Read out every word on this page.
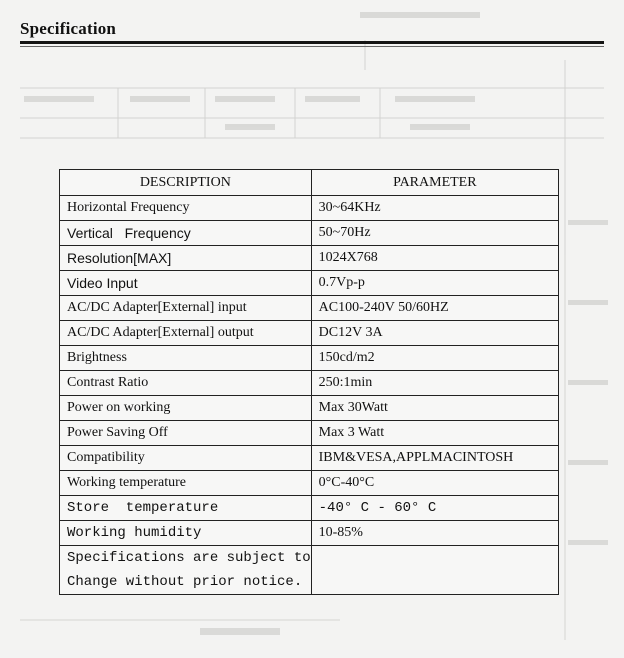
Specification
DESCRIPTION	PARAMETER
Horizontal Frequency	30~64KHz
Vertical   Frequency	50~70Hz
Resolution[MAX]	1024X768
Video Input	0.7Vp-p
AC/DC Adapter[External] input	AC100-240V 50/60HZ
AC/DC Adapter[External] output	DC12V 3A
Brightness	150cd/m2
Contrast Ratio	250:1min
Power on working	Max 30Watt
Power Saving Off	Max 3 Watt
Compatibility	IBM&VESA,APPLMACINTOSH
Working temperature	0°C-40°C
Store  temperature	-40° C - 60° C
Working humidity	10-85%

Specifications are subject to
Change without prior notice.	
